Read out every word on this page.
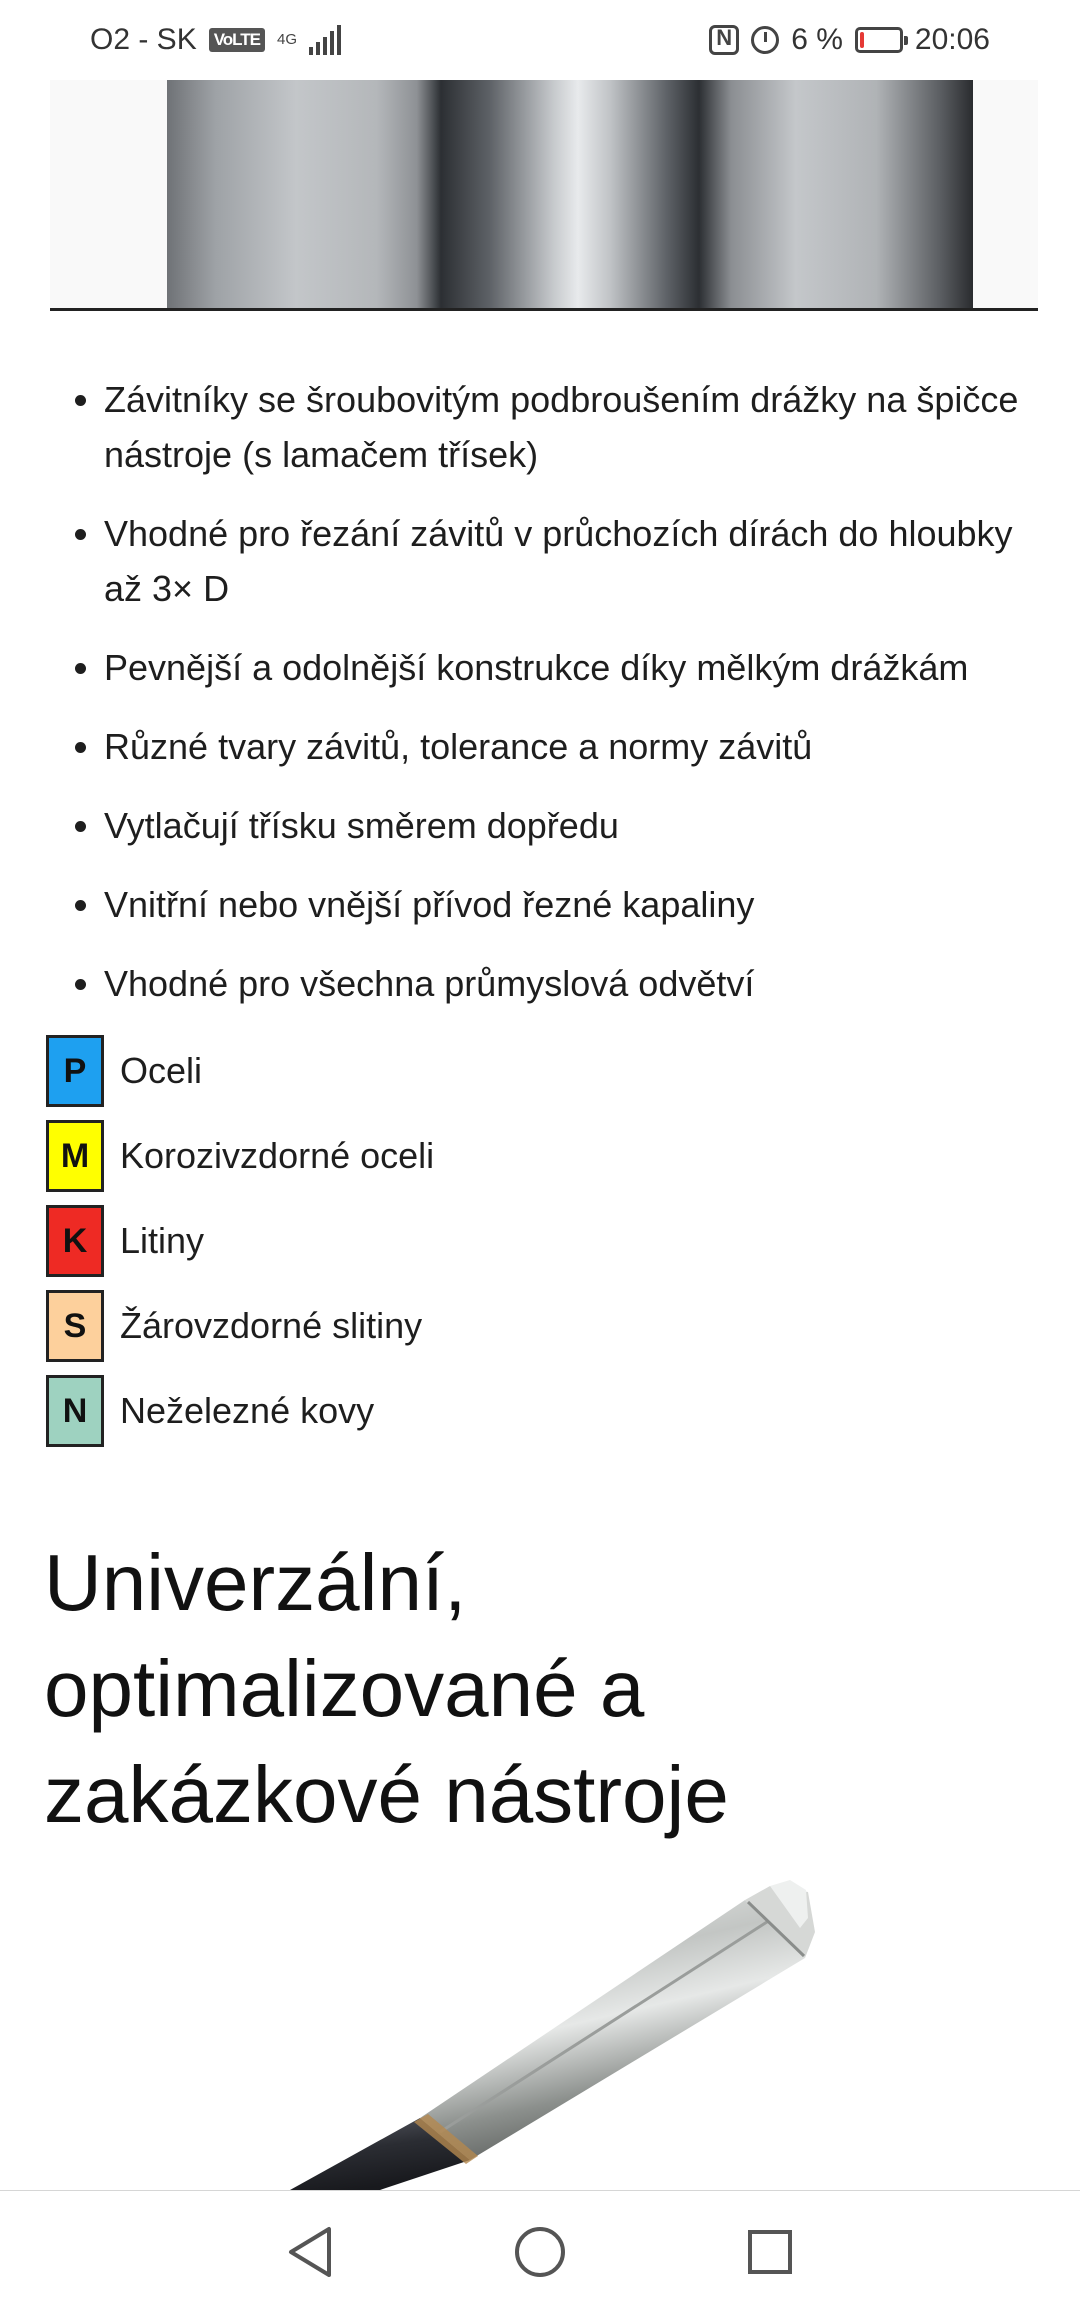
O2 - SK VoLTE	4G
N	6 % 20:06
• Závitníky se šroubovitým podbroušením drážky na špičce nástroje (s lamačem třísek)
• Vhodné pro řezání závitů v průchozích dírách do hloubky až 3× D
• Pevnější a odolnější konstrukce díky mělkým drážkám
• Různé tvary závitů, tolerance a normy závitů
• Vytlačují třísku směrem dopředu
• Vnitřní nebo vnější přívod řezné kapaliny
• Vhodné pro všechna průmyslová odvětví
P Oceli
M Korozivzdorné oceli
K Litiny
S Žárovzdorné slitiny
N Neželezné kovy
Univerzální, optimalizované a zakázkové nástroje
